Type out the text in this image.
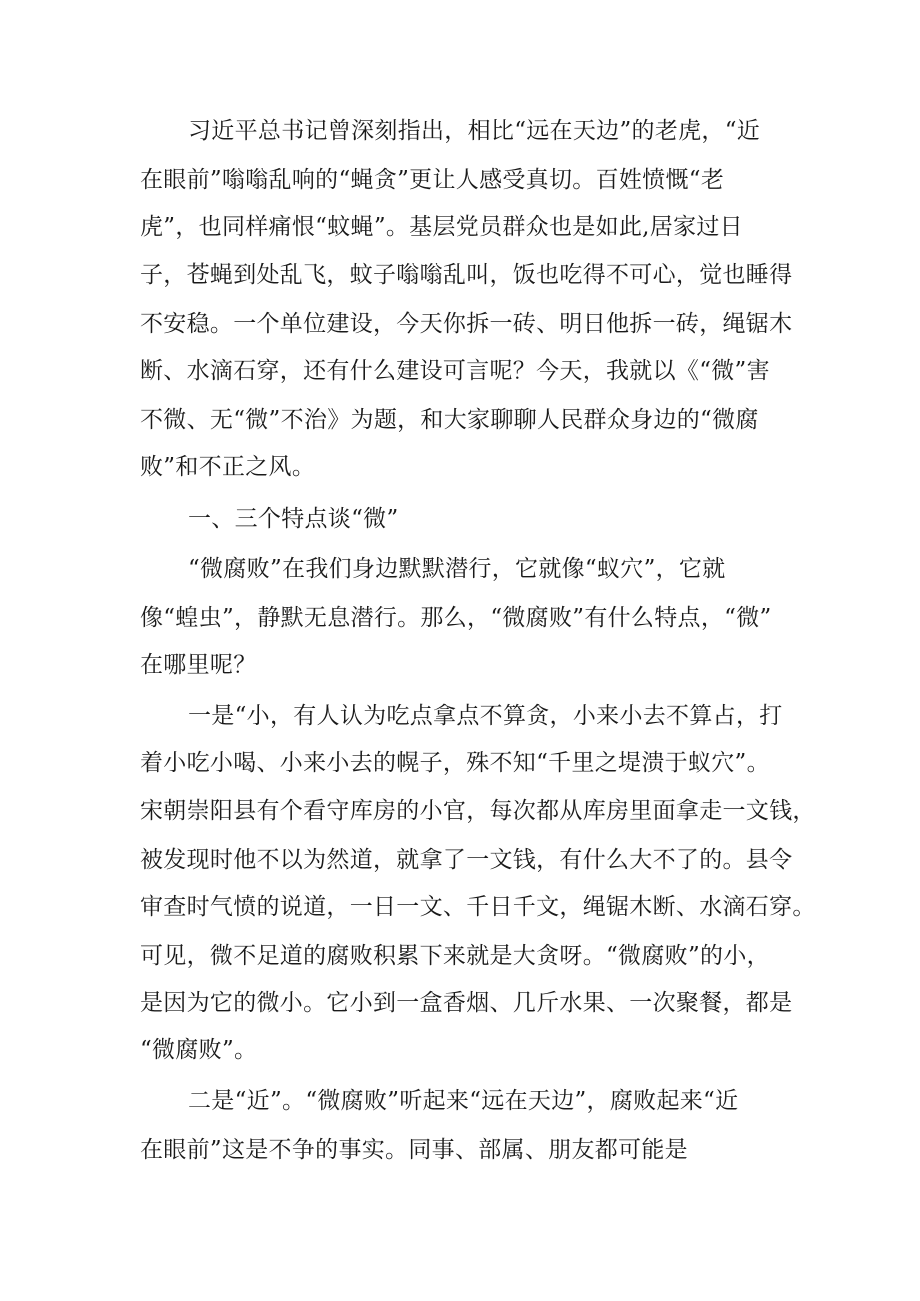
习近平总书记曾深刻指出，相比“远在天边”的老虎，“近
在眼前”嗡嗡乱响的“蝇贪”更让人感受真切。百姓愤慨“老
虎”，也同样痛恨“蚊蝇”。基层党员群众也是如此,居家过日
子，苍蝇到处乱飞，蚊子嗡嗡乱叫，饭也吃得不可心，觉也睡得
不安稳。一个单位建设，今天你拆一砖、明日他拆一砖，绳锯木
断、水滴石穿，还有什么建设可言呢？今天，我就以《“微”害
不微、无“微”不治》为题，和大家聊聊人民群众身边的“微腐
败”和不正之风。
一、三个特点谈“微”
“微腐败”在我们身边默默潜行，它就像“蚁穴”，它就
像“蝗虫”，静默无息潜行。那么，“微腐败”有什么特点，“微”
在哪里呢？
一是“小，有人认为吃点拿点不算贪，小来小去不算占，打
着小吃小喝、小来小去的幌子，殊不知“千里之堤溃于蚁穴”。
宋朝崇阳县有个看守库房的小官，每次都从库房里面拿走一文钱，
被发现时他不以为然道，就拿了一文钱，有什么大不了的。县令
审查时气愤的说道，一日一文、千日千文，绳锯木断、水滴石穿。
可见，微不足道的腐败积累下来就是大贪呀。“微腐败”的小，
是因为它的微小。它小到一盒香烟、几斤水果、一次聚餐，都是
“微腐败”。
二是“近”。“微腐败”听起来“远在天边”，腐败起来“近
在眼前”这是不争的事实。同事、部属、朋友都可能是
